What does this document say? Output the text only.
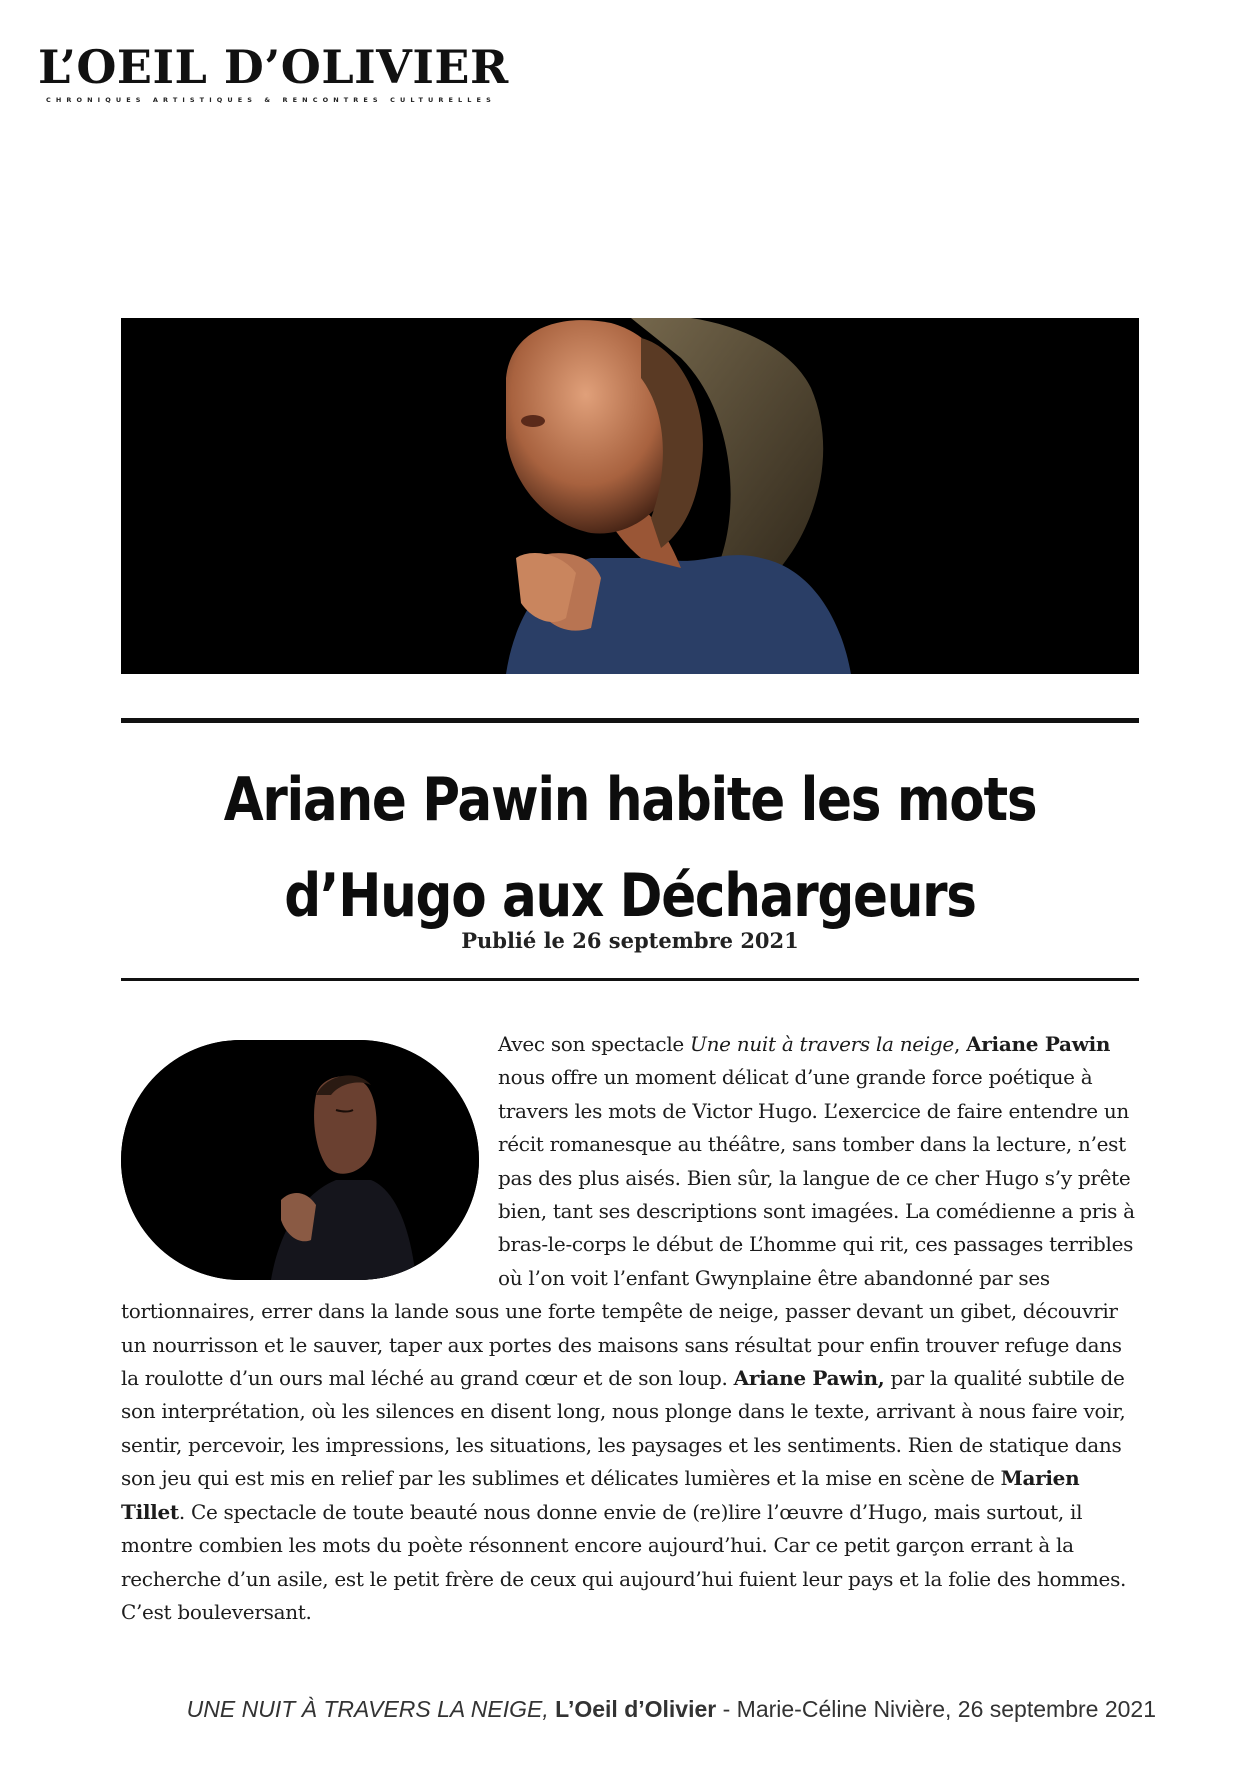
L’OEIL D’OLIVIER
CHRONIQUES ARTISTIQUES & RENCONTRES CULTURELLES
Ariane Pawin habite les mots
d’Hugo aux Déchargeurs
Publié le 26 septembre 2021
Avec son spectacle Une nuit à travers la neige, Ariane Pawin nous offre un moment délicat d’une grande force poétique à travers les mots de Victor Hugo. L’exercice de faire entendre un récit romanesque au théâtre, sans tomber dans la lecture, n’est pas des plus aisés. Bien sûr, la langue de ce cher Hugo s’y prête bien, tant ses descriptions sont imagées. La comédienne a pris à bras-le-corps le début de L’homme qui rit, ces passages terribles où l’on voit l’enfant Gwynplaine être abandonné par ses tortionnaires, errer dans la lande sous une forte tempête de neige, passer devant un gibet, découvrir un nourrisson et le sauver, taper aux portes des maisons sans résultat pour enfin trouver refuge dans la roulotte d’un ours mal léché au grand cœur et de son loup. Ariane Pawin, par la qualité subtile de son interprétation, où les silences en disent long, nous plonge dans le texte, arrivant à nous faire voir, sentir, percevoir, les impressions, les situations, les paysages et les sentiments. Rien de statique dans son jeu qui est mis en relief par les sublimes et délicates lumières et la mise en scène de Marien Tillet. Ce spectacle de toute beauté nous donne envie de (re)lire l’œuvre d’Hugo, mais surtout, il montre combien les mots du poète résonnent encore aujourd’hui. Car ce petit garçon errant à la recherche d’un asile, est le petit frère de ceux qui aujourd’hui fuient leur pays et la folie des hommes. C’est bouleversant.
UNE NUIT À TRAVERS LA NEIGE, L’Oeil d’Olivier - Marie-Céline Nivière, 26 septembre 2021
